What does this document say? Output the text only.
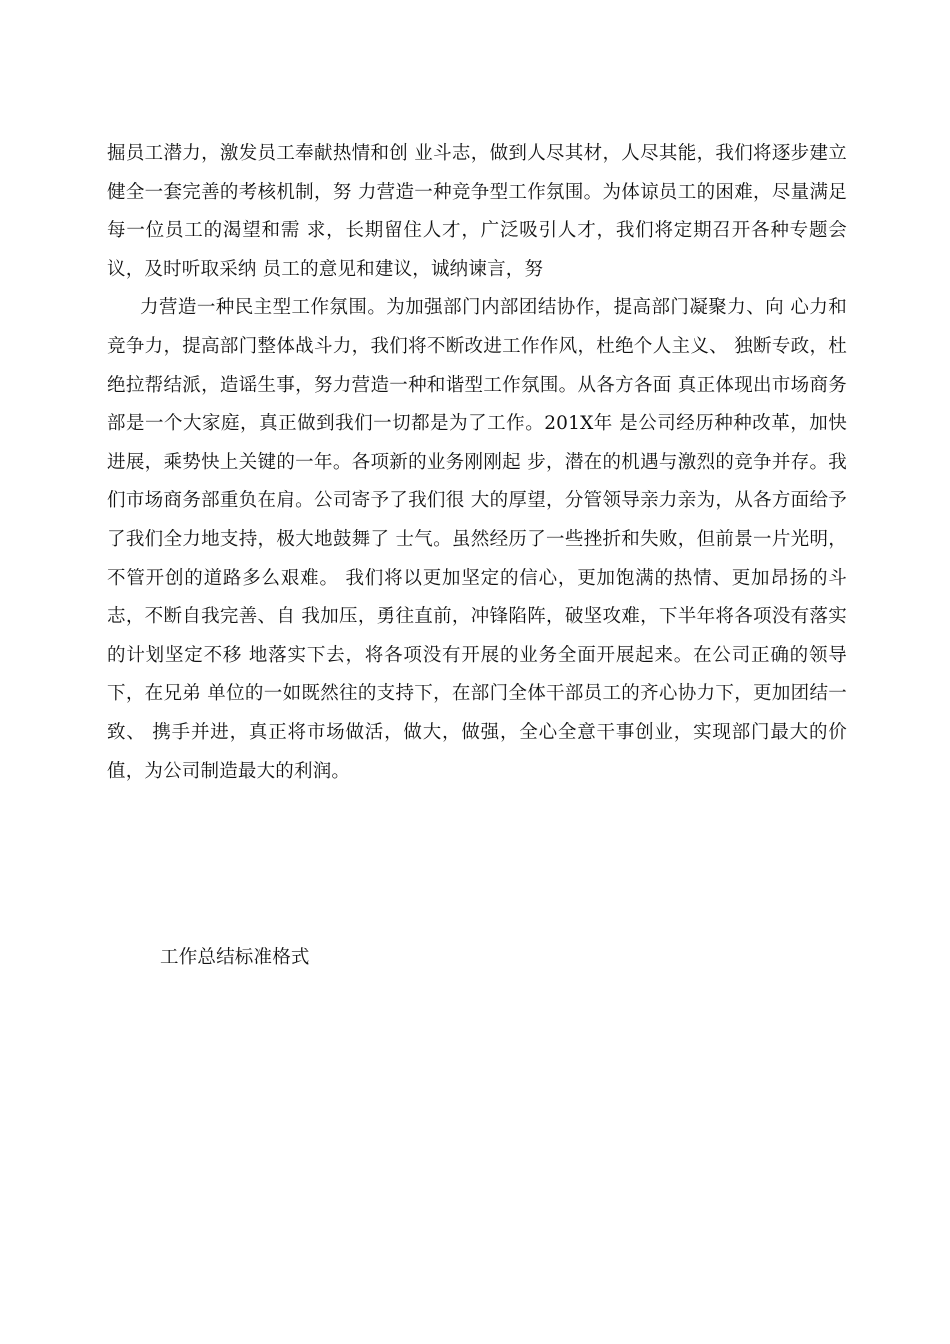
掘员工潜力，激发员工奉献热情和创 业斗志，做到人尽其材，人尽其能，我们将逐步建立健全一套完善的考核机制，努 力营造一种竞争型工作氛围。为体谅员工的困难，尽量满足每一位员工的渴望和需 求，长期留住人才，广泛吸引人才，我们将定期召开各种专题会议，及时听取采纳 员工的意见和建议，诚纳谏言，努

力营造一种民主型工作氛围。为加强部门内部团结协作，提高部门凝聚力、向 心力和竞争力，提高部门整体战斗力，我们将不断改进工作作风，杜绝个人主义、 独断专政，杜绝拉帮结派，造谣生事，努力营造一种和谐型工作氛围。从各方各面 真正体现出市场商务部是一个大家庭，真正做到我们一切都是为了工作。201X年 是公司经历种种改革，加快进展，乘势快上关键的一年。各项新的业务刚刚起 步，潜在的机遇与激烈的竞争并存。我们市场商务部重负在肩。公司寄予了我们很 大的厚望，分管领导亲力亲为，从各方面给予了我们全力地支持，极大地鼓舞了 士气。虽然经历了一些挫折和失败，但前景一片光明，不管开创的道路多么艰难。 我们将以更加坚定的信心，更加饱满的热情、更加昂扬的斗志，不断自我完善、自 我加压，勇往直前，冲锋陷阵，破坚攻难，下半年将各项没有落实的计划坚定不移 地落实下去，将各项没有开展的业务全面开展起来。在公司正确的领导下，在兄弟 单位的一如既然往的支持下，在部门全体干部员工的齐心协力下，更加团结一致、 携手并进，真正将市场做活，做大，做强，全心全意干事创业，实现部门最大的价 值，为公司制造最大的利润。

工作总结标准格式
